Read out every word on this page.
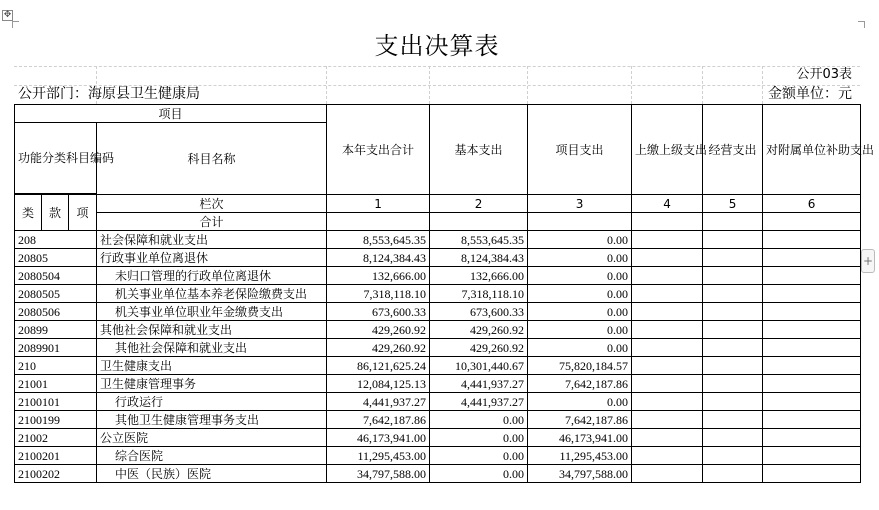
✥
+
支出决算表
公开03表
公开部门：海原县卫生健康局	金额单位：元
项目				本年支出合计	基本支出	项目支出	上缴上级支出	经营支出	对附属单位补助支出
功能分类科目编码			科目名称						

类	款	项	栏次	1	2	3	4	5	6
			合计						
208			社会保障和就业支出	8,553,645.35	8,553,645.35	0.00			
20805			行政事业单位离退休	8,124,384.43	8,124,384.43	0.00			
2080504			未归口管理的行政单位离退休	132,666.00	132,666.00	0.00			
2080505			机关事业单位基本养老保险缴费支出	7,318,118.10	7,318,118.10	0.00			
2080506			机关事业单位职业年金缴费支出	673,600.33	673,600.33	0.00			
20899			其他社会保障和就业支出	429,260.92	429,260.92	0.00			
2089901			其他社会保障和就业支出	429,260.92	429,260.92	0.00			
210			卫生健康支出	86,121,625.24	10,301,440.67	75,820,184.57			
21001			卫生健康管理事务	12,084,125.13	4,441,937.27	7,642,187.86			
2100101			行政运行	4,441,937.27	4,441,937.27	0.00			
2100199			其他卫生健康管理事务支出	7,642,187.86	0.00	7,642,187.86			
21002			公立医院	46,173,941.00	0.00	46,173,941.00			
2100201			综合医院	11,295,453.00	0.00	11,295,453.00			
2100202			中医（民族）医院	34,797,588.00	0.00	34,797,588.00			
